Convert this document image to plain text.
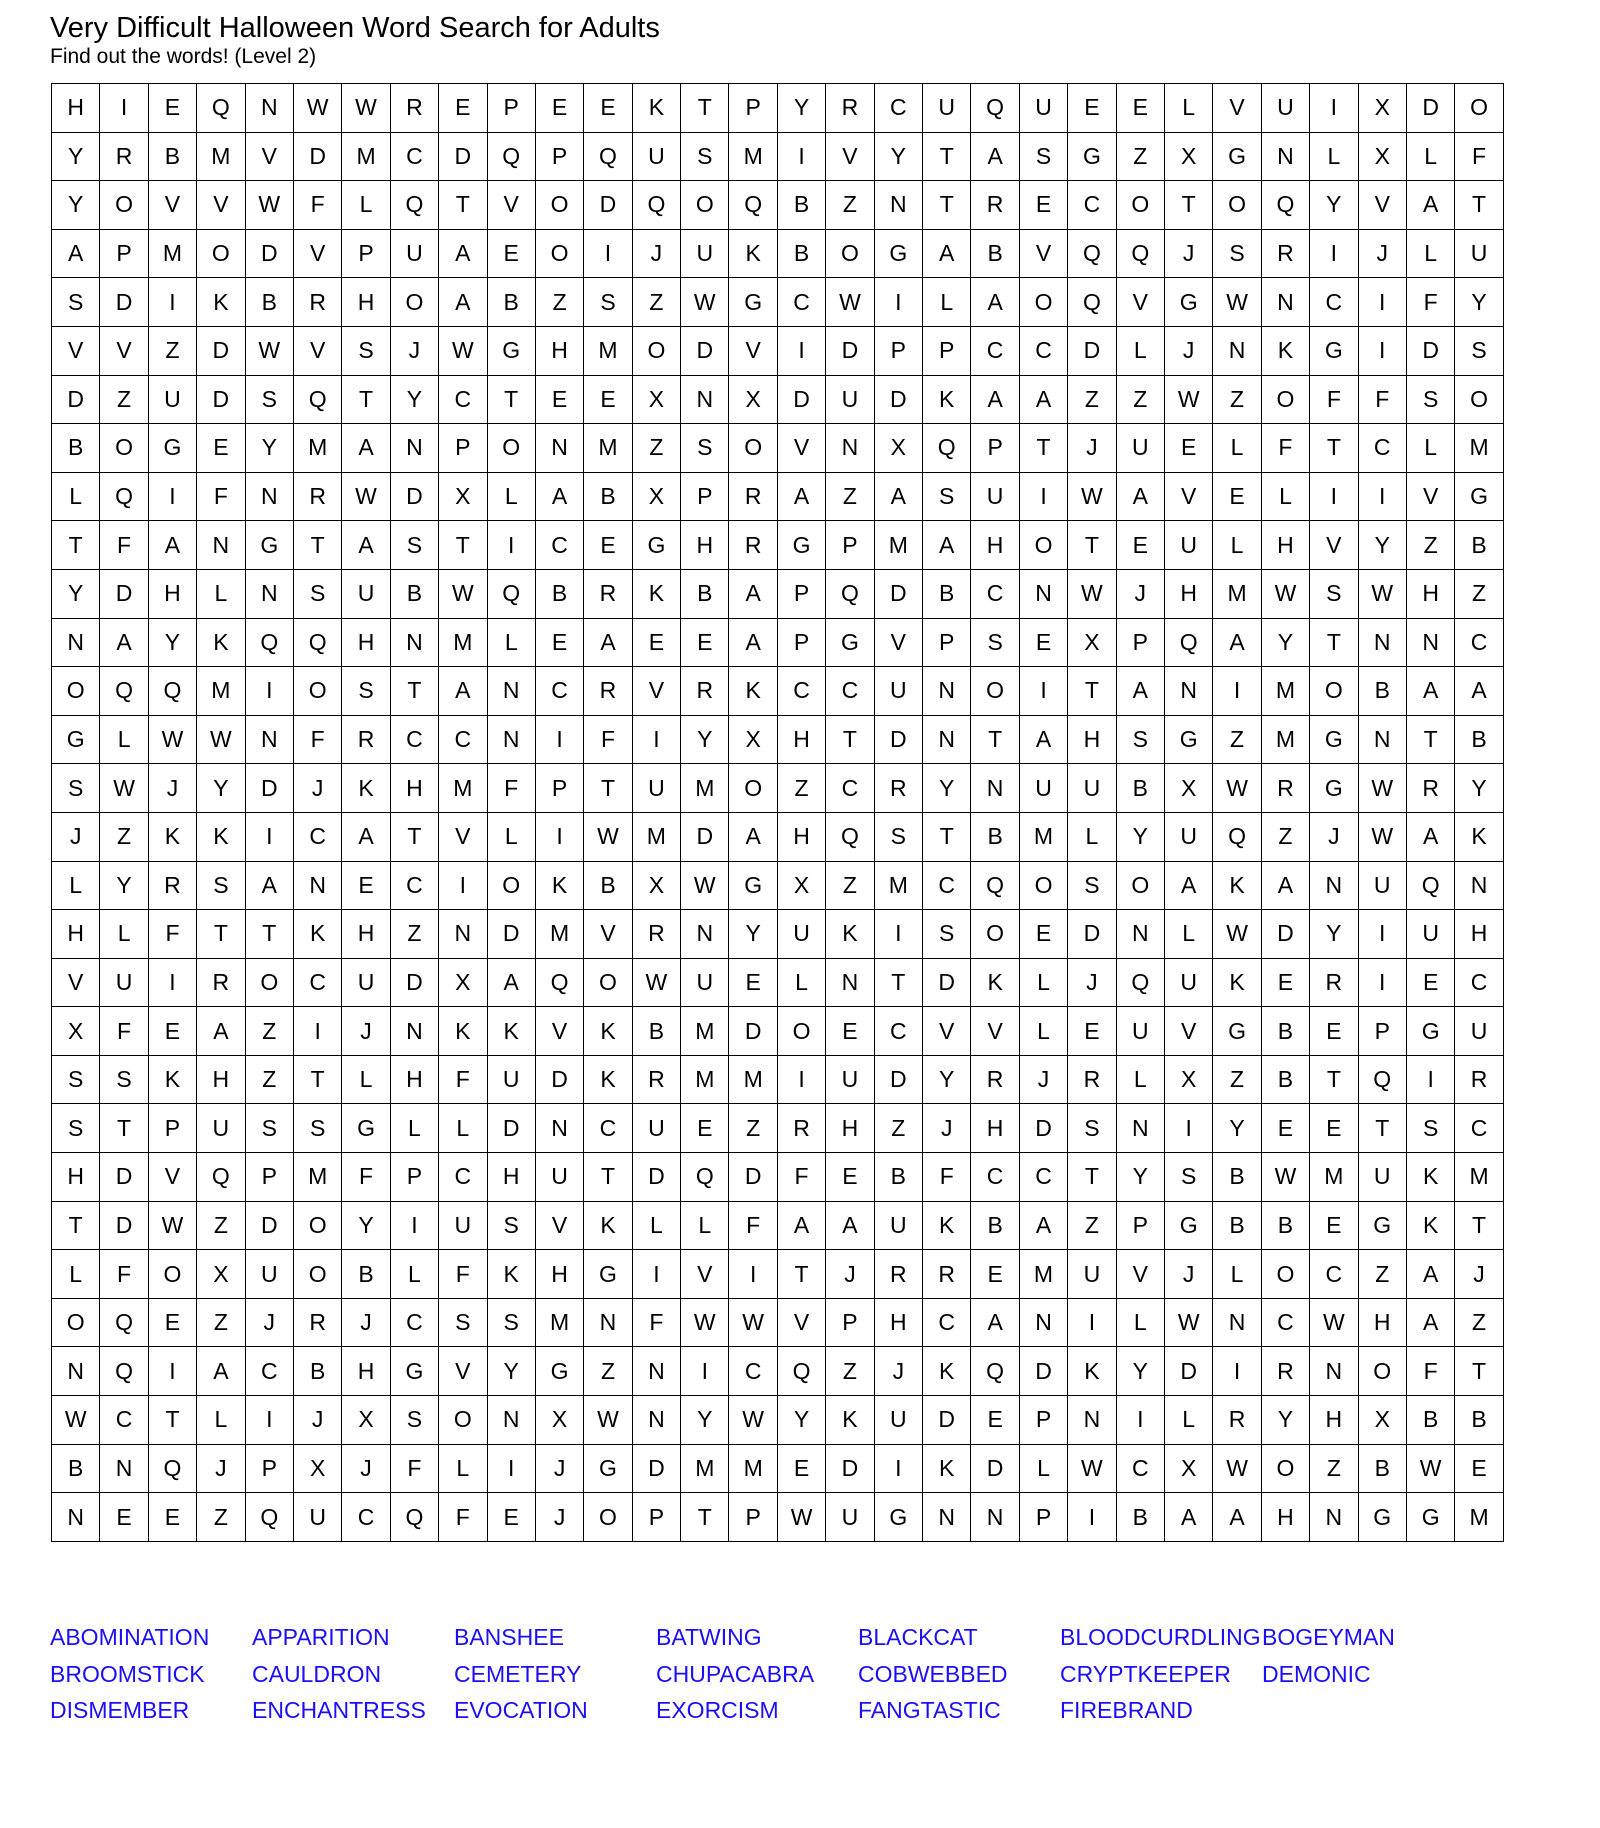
Very Difficult Halloween Word Search for Adults
Find out the words! (Level 2)
H	I	E	Q	N	W	W	R	E	P	E	E	K	T	P	Y	R	C	U	Q	U	E	E	L	V	U	I	X	D	O
Y	R	B	M	V	D	M	C	D	Q	P	Q	U	S	M	I	V	Y	T	A	S	G	Z	X	G	N	L	X	L	F
Y	O	V	V	W	F	L	Q	T	V	O	D	Q	O	Q	B	Z	N	T	R	E	C	O	T	O	Q	Y	V	A	T
A	P	M	O	D	V	P	U	A	E	O	I	J	U	K	B	O	G	A	B	V	Q	Q	J	S	R	I	J	L	U
S	D	I	K	B	R	H	O	A	B	Z	S	Z	W	G	C	W	I	L	A	O	Q	V	G	W	N	C	I	F	Y
V	V	Z	D	W	V	S	J	W	G	H	M	O	D	V	I	D	P	P	C	C	D	L	J	N	K	G	I	D	S
D	Z	U	D	S	Q	T	Y	C	T	E	E	X	N	X	D	U	D	K	A	A	Z	Z	W	Z	O	F	F	S	O
B	O	G	E	Y	M	A	N	P	O	N	M	Z	S	O	V	N	X	Q	P	T	J	U	E	L	F	T	C	L	M
L	Q	I	F	N	R	W	D	X	L	A	B	X	P	R	A	Z	A	S	U	I	W	A	V	E	L	I	I	V	G
T	F	A	N	G	T	A	S	T	I	C	E	G	H	R	G	P	M	A	H	O	T	E	U	L	H	V	Y	Z	B
Y	D	H	L	N	S	U	B	W	Q	B	R	K	B	A	P	Q	D	B	C	N	W	J	H	M	W	S	W	H	Z
N	A	Y	K	Q	Q	H	N	M	L	E	A	E	E	A	P	G	V	P	S	E	X	P	Q	A	Y	T	N	N	C
O	Q	Q	M	I	O	S	T	A	N	C	R	V	R	K	C	C	U	N	O	I	T	A	N	I	M	O	B	A	A
G	L	W	W	N	F	R	C	C	N	I	F	I	Y	X	H	T	D	N	T	A	H	S	G	Z	M	G	N	T	B
S	W	J	Y	D	J	K	H	M	F	P	T	U	M	O	Z	C	R	Y	N	U	U	B	X	W	R	G	W	R	Y
J	Z	K	K	I	C	A	T	V	L	I	W	M	D	A	H	Q	S	T	B	M	L	Y	U	Q	Z	J	W	A	K
L	Y	R	S	A	N	E	C	I	O	K	B	X	W	G	X	Z	M	C	Q	O	S	O	A	K	A	N	U	Q	N
H	L	F	T	T	K	H	Z	N	D	M	V	R	N	Y	U	K	I	S	O	E	D	N	L	W	D	Y	I	U	H
V	U	I	R	O	C	U	D	X	A	Q	O	W	U	E	L	N	T	D	K	L	J	Q	U	K	E	R	I	E	C
X	F	E	A	Z	I	J	N	K	K	V	K	B	M	D	O	E	C	V	V	L	E	U	V	G	B	E	P	G	U
S	S	K	H	Z	T	L	H	F	U	D	K	R	M	M	I	U	D	Y	R	J	R	L	X	Z	B	T	Q	I	R
S	T	P	U	S	S	G	L	L	D	N	C	U	E	Z	R	H	Z	J	H	D	S	N	I	Y	E	E	T	S	C
H	D	V	Q	P	M	F	P	C	H	U	T	D	Q	D	F	E	B	F	C	C	T	Y	S	B	W	M	U	K	M
T	D	W	Z	D	O	Y	I	U	S	V	K	L	L	F	A	A	U	K	B	A	Z	P	G	B	B	E	G	K	T
L	F	O	X	U	O	B	L	F	K	H	G	I	V	I	T	J	R	R	E	M	U	V	J	L	O	C	Z	A	J
O	Q	E	Z	J	R	J	C	S	S	M	N	F	W	W	V	P	H	C	A	N	I	L	W	N	C	W	H	A	Z
N	Q	I	A	C	B	H	G	V	Y	G	Z	N	I	C	Q	Z	J	K	Q	D	K	Y	D	I	R	N	O	F	T
W	C	T	L	I	J	X	S	O	N	X	W	N	Y	W	Y	K	U	D	E	P	N	I	L	R	Y	H	X	B	B
B	N	Q	J	P	X	J	F	L	I	J	G	D	M	M	E	D	I	K	D	L	W	C	X	W	O	Z	B	W	E
N	E	E	Z	Q	U	C	Q	F	E	J	O	P	T	P	W	U	G	N	N	P	I	B	A	A	H	N	G	G	M
ABOMINATION	APPARITION	BANSHEE	BATWING	BLACKCAT	BLOODCURDLING BOGEYMAN
BROOMSTICK	CAULDRON	CEMETERY	CHUPACABRA	COBWEBBED	CRYPTKEEPER	DEMONIC
DISMEMBER	ENCHANTRESS	EVOCATION	EXORCISM	FANGTASTIC	FIREBRAND
